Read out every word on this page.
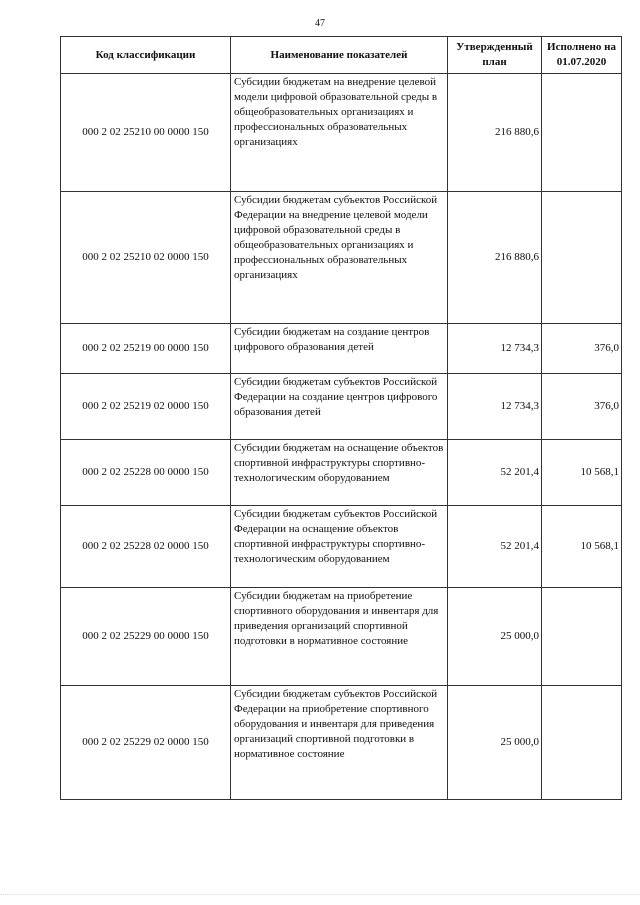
47
Код классификации	Наименование показателей	Утвержденный план	Исполнено на 01.07.2020
000 2 02 25210 00 0000 150	Субсидии бюджетам на внедрение целевой модели цифровой образовательной среды в общеобразовательных организациях и профессиональных образовательных организациях	216 880,6	
000 2 02 25210 02 0000 150	Субсидии бюджетам субъектов Российской Федерации на внедрение целевой модели цифровой образовательной среды в общеобразовательных организациях и профессиональных образовательных организациях	216 880,6	
000 2 02 25219 00 0000 150	Субсидии бюджетам на создание центров цифрового образования детей	12 734,3	376,0
000 2 02 25219 02 0000 150	Субсидии бюджетам субъектов Российской Федерации на создание центров цифрового образования детей	12 734,3	376,0
000 2 02 25228 00 0000 150	Субсидии бюджетам на оснащение объектов спортивной инфраструктуры спортивно-технологическим оборудованием	52 201,4	10 568,1
000 2 02 25228 02 0000 150	Субсидии бюджетам субъектов Российской Федерации на оснащение объектов спортивной инфраструктуры спортивно-технологическим оборудованием	52 201,4	10 568,1
000 2 02 25229 00 0000 150	Субсидии бюджетам на приобретение спортивного оборудования и инвентаря для приведения организаций спортивной подготовки в нормативное состояние	25 000,0	
000 2 02 25229 02 0000 150	Субсидии бюджетам субъектов Российской Федерации на приобретение спортивного оборудования и инвентаря для приведения организаций спортивной подготовки в нормативное состояние	25 000,0	
